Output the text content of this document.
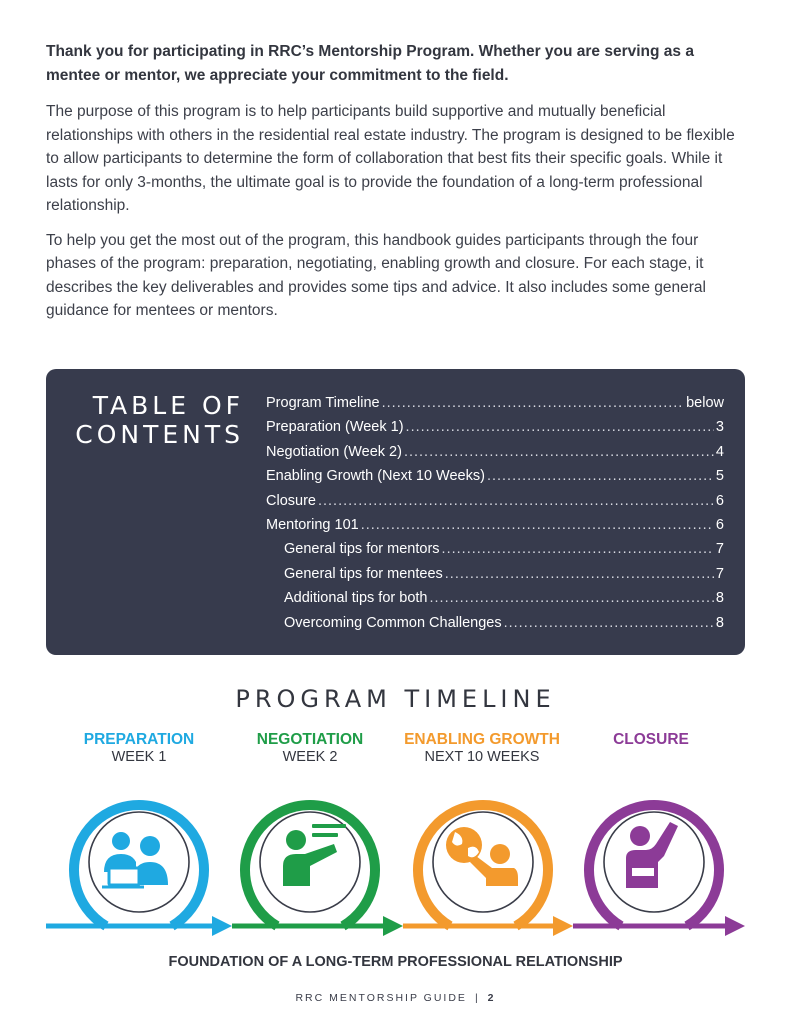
Thank you for participating in RRC’s Mentorship Program. Whether you are serving as a mentee or mentor, we appreciate your commitment to the field.

The purpose of this program is to help participants build supportive and mutually beneficial relationships with others in the residential real estate industry. The program is designed to be flexible to allow participants to determine the form of collaboration that best fits their specific goals. While it lasts for only 3-months, the ultimate goal is to provide the foundation of a long-term professional relationship.

To help you get the most out of the program, this handbook guides participants through the four phases of the program: preparation, negotiating, enabling growth and closure. For each stage, it describes the key deliverables and provides some tips and advice. It also includes some general guidance for mentees or mentors.

TABLE OF
CONTENTS
Program Timeline .....	below
Preparation (Week 1) .....	3
Negotiation (Week 2) .....	4
Enabling Growth (Next 10 Weeks) .....	5
Closure .....	6
Mentoring 101 .....	6
General tips for mentors .....	7
General tips for mentees .....	7
Additional tips for both .....	8
Overcoming Common Challenges .....	8
PROGRAM TIMELINE
PREPARATION
WEEK 1
NEGOTIATION
WEEK 2
ENABLING GROWTH
NEXT 10 WEEKS
CLOSURE
FOUNDATION OF A LONG-TERM PROFESSIONAL RELATIONSHIP
RRC MENTORSHIP GUIDE | 2
